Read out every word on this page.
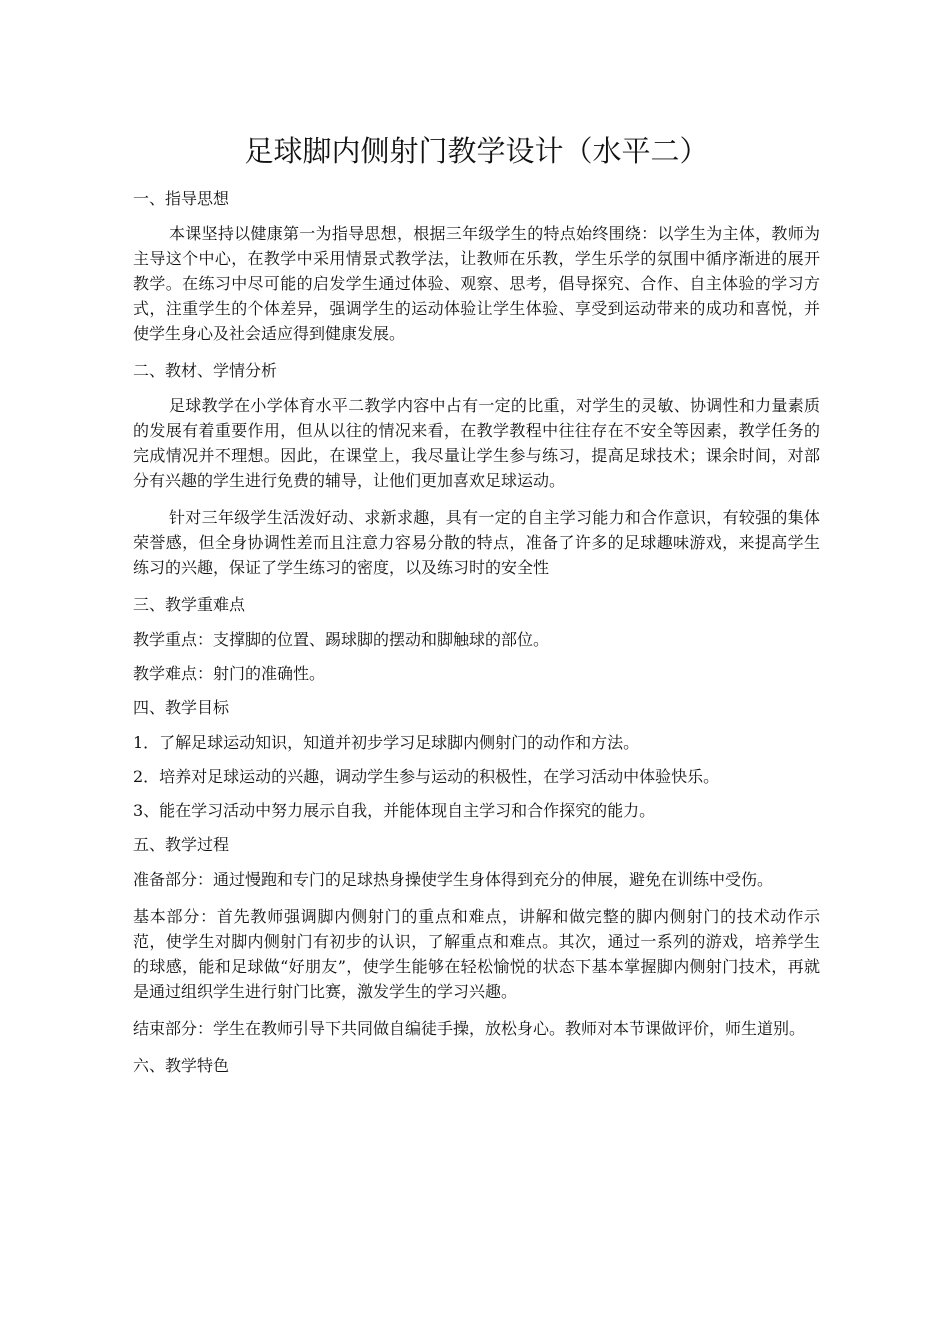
足球脚内侧射门教学设计（水平二）

一、指导思想

本课坚持以健康第一为指导思想，根据三年级学生的特点始终围绕：以学生为主体，教师为主导这个中心，在教学中采用情景式教学法，让教师在乐教，学生乐学的氛围中循序渐进的展开教学。在练习中尽可能的启发学生通过体验、观察、思考，倡导探究、合作、自主体验的学习方式，注重学生的个体差异，强调学生的运动体验让学生体验、享受到运动带来的成功和喜悦，并使学生身心及社会适应得到健康发展。

二、教材、学情分析

足球教学在小学体育水平二教学内容中占有一定的比重，对学生的灵敏、协调性和力量素质的发展有着重要作用，但从以往的情况来看，在教学教程中往往存在不安全等因素，教学任务的完成情况并不理想。因此，在课堂上，我尽量让学生参与练习，提高足球技术；课余时间，对部分有兴趣的学生进行免费的辅导，让他们更加喜欢足球运动。

针对三年级学生活泼好动、求新求趣，具有一定的自主学习能力和合作意识，有较强的集体荣誉感，但全身协调性差而且注意力容易分散的特点，准备了许多的足球趣味游戏，来提高学生练习的兴趣，保证了学生练习的密度，以及练习时的安全性

三、教学重难点

教学重点：支撑脚的位置、踢球脚的摆动和脚触球的部位。

教学难点：射门的准确性。

四、教学目标

1．了解足球运动知识，知道并初步学习足球脚内侧射门的动作和方法。

2．培养对足球运动的兴趣，调动学生参与运动的积极性，在学习活动中体验快乐。

3、能在学习活动中努力展示自我，并能体现自主学习和合作探究的能力。

五、教学过程

准备部分：通过慢跑和专门的足球热身操使学生身体得到充分的伸展，避免在训练中受伤。

基本部分：首先教师强调脚内侧射门的重点和难点，讲解和做完整的脚内侧射门的技术动作示范，使学生对脚内侧射门有初步的认识，了解重点和难点。其次，通过一系列的游戏，培养学生的球感，能和足球做“好朋友”，使学生能够在轻松愉悦的状态下基本掌握脚内侧射门技术，再就是通过组织学生进行射门比赛，激发学生的学习兴趣。

结束部分：学生在教师引导下共同做自编徒手操，放松身心。教师对本节课做评价，师生道别。

六、教学特色
